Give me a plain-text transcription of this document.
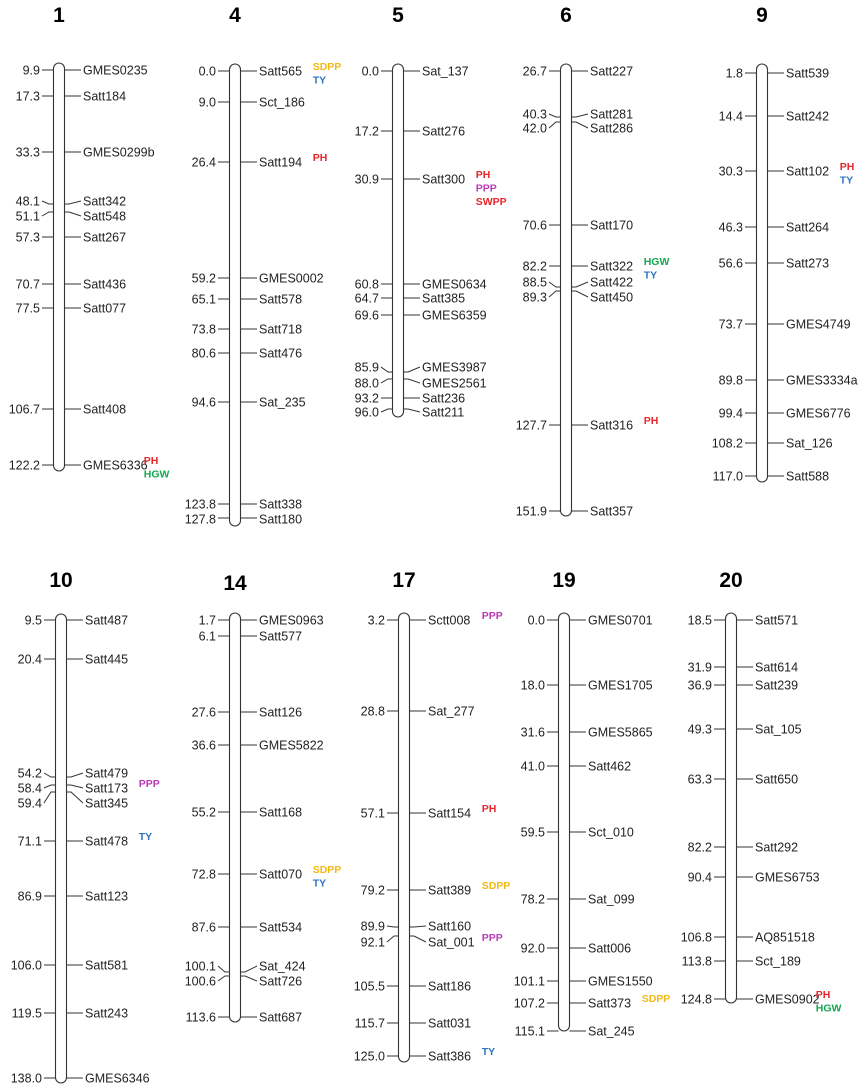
1
9.9	GMES0235
17.3	Satt184
33.3	GMES0299b
48.1	Satt342
51.1	Satt548
57.3	Satt267
70.7	Satt436
77.5	Satt077
106.7	Satt408
122.2	GMES6336
PH
HGW
4
0.0	Satt565 SDPP
TY
9.0	Sct_186
26.4	Satt194 PH
59.2	GMES0002
65.1	Satt578
73.8	Satt718
80.6	Satt476
94.6	Sat_235
123.8	Satt338
127.8	Satt180
5
0.0	Sat_137
17.2	Satt276
30.9	Satt300 PH
PPP
SWPP
60.8	GMES0634
64.7	Satt385
69.6	GMES6359
85.9	GMES3987
88.0	GMES2561
93.2	Satt236
96.0	Satt211
6
26.7	Satt227
40.3	Satt281
42.0	Satt286
70.6	Satt170
82.2	Satt322 HGW
TY
88.5	Satt422
89.3	Satt450
127.7	Satt316 PH
151.9	Satt357
9
1.8	Satt539
14.4	Satt242
30.3	Satt102 PH
TY
46.3	Satt264
56.6	Satt273
73.7	GMES4749
89.8	GMES3334a
99.4	GMES6776
108.2	Sat_126
117.0	Satt588
10
9.5	Satt487
20.4	Satt445
54.2	Satt479
58.4	Satt173 PPP
59.4	Satt345
71.1	Satt478 TY
86.9	Satt123
106.0	Satt581
119.5	Satt243
138.0	GMES6346
14
1.7	GMES0963
6.1	Satt577
27.6	Satt126
36.6	GMES5822
55.2	Satt168
72.8	Satt070 SDPP
TY
87.6	Satt534
100.1	Sat_424
100.6	Satt726
113.6	Satt687
17
3.2	Sctt008 PPP
28.8	Sat_277
57.1	Satt154 PH
79.2	Satt389 SDPP
89.9	Satt160
92.1	Sat_001 PPP
105.5	Satt186
115.7	Satt031
125.0	Satt386 TY
19
0.0	GMES0701
18.0	GMES1705
31.6	GMES5865
41.0	Satt462
59.5	Sct_010
78.2	Sat_099
92.0	Satt006
101.1	GMES1550
107.2	Satt373 SDPP
115.1	Sat_245
20
18.5	Satt571
31.9	Satt614
36.9	Satt239
49.3	Sat_105
63.3	Satt650
82.2	Satt292
90.4	GMES6753
106.8	AQ851518
113.8	Sct_189
124.8	GMES0902
PH
HGW
